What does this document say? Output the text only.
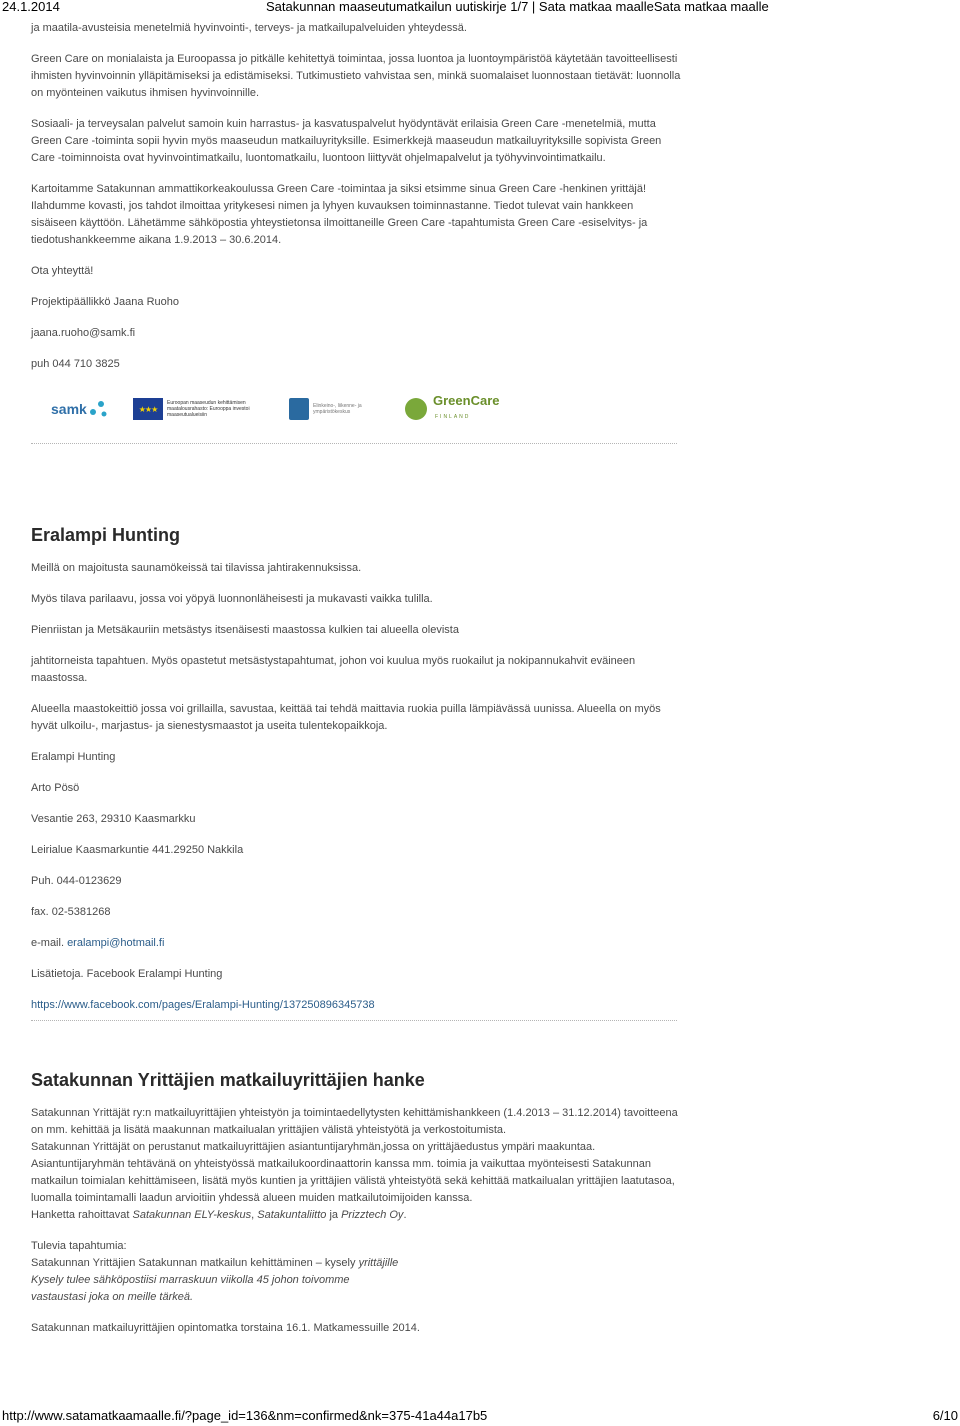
24.1.2014	Satakunnan maaseutumatkailun uutiskirje 1/7 | Sata matkaa maalleSata matkaa maalle

ja maatila-avusteisia menetelmiä hyvinvointi-, terveys- ja matkailupalveluiden yhteydessä.

Green Care on monialaista ja Euroopassa jo pitkälle kehitettyä toimintaa, jossa luontoa ja luontoympäristöä käytetään tavoitteellisesti ihmisten hyvinvoinnin ylläpitämiseksi ja edistämiseksi. Tutkimustieto vahvistaa sen, minkä suomalaiset luonnostaan tietävät: luonnolla on myönteinen vaikutus ihmisen hyvinvoinnille.

Sosiaali- ja terveysalan palvelut samoin kuin harrastus- ja kasvatuspalvelut hyödyntävät erilaisia Green Care -menetelmiä, mutta Green Care -toiminta sopii hyvin myös maaseudun matkailuyrityksille. Esimerkkejä maaseudun matkailuyrityksille sopivista Green Care -toiminnoista ovat hyvinvointimatkailu, luontomatkailu, luontoon liittyvät ohjelmapalvelut ja työhyvinvointimatkailu.

Kartoitamme Satakunnan ammattikorkeakoulussa Green Care -toimintaa ja siksi etsimme sinua Green Care -henkinen yrittäjä! Ilahdumme kovasti, jos tahdot ilmoittaa yritykesesi nimen ja lyhyen kuvauksen toiminnastanne. Tiedot tulevat vain hankkeen sisäiseen käyttöön. Lähetämme sähköpostia yhteystietonsa ilmoittaneille Green Care -tapahtumista Green Care -esiselvitys- ja tiedotushankkeemme aikana 1.9.2013 – 30.6.2014.

Ota yhteyttä!

Projektipäällikkö Jaana Ruoho

jaana.ruoho@samk.fi

puh 044 710 3825

samk	★★★
Euroopan maaseudun kehittämisen maatalousrahasto: Eurooppa investoi maaseutualueisiin
Elinkeino-, liikenne- ja ympäristökeskus
GreenCare
FINLAND
Eralampi Hunting

Meillä on majoitusta saunamökeissä tai tilavissa jahtirakennuksissa.

Myös tilava parilaavu, jossa voi yöpyä luonnonläheisesti ja mukavasti vaikka tulilla.

Pienriistan ja Metsäkauriin metsästys itsenäisesti maastossa kulkien tai alueella olevista

jahtitorneista tapahtuen. Myös opastetut metsästystapahtumat, johon voi kuulua myös ruokailut ja nokipannukahvit eväineen maastossa.

Alueella maastokeittiö jossa voi grillailla, savustaa, keittää tai tehdä maittavia ruokia puilla lämpiävässä uunissa. Alueella on myös hyvät ulkoilu-, marjastus- ja sienestysmaastot ja useita tulentekopaikkoja.

Eralampi Hunting

Arto Pösö

Vesantie 263, 29310 Kaasmarkku

Leirialue Kaasmarkuntie 441.29250 Nakkila

Puh. 044-0123629

fax. 02-5381268

e-mail. eralampi@hotmail.fi

Lisätietoja. Facebook Eralampi Hunting

https://www.facebook.com/pages/Eralampi-Hunting/137250896345738

Satakunnan Yrittäjien matkailuyrittäjien hanke

Satakunnan Yrittäjät ry:n matkailuyrittäjien yhteistyön ja toimintaedellytysten kehittämishankkeen (1.4.2013 – 31.12.2014) tavoitteena on mm. kehittää ja lisätä maakunnan matkailualan yrittäjien välistä yhteistyötä ja verkostoitumista.

Satakunnan Yrittäjät on perustanut matkailuyrittäjien asiantuntijaryhmän,jossa on yrittäjäedustus ympäri maakuntaa.

Asiantuntijaryhmän tehtävänä on yhteistyössä matkailukoordinaattorin kanssa mm. toimia ja vaikuttaa myönteisesti Satakunnan matkailun toimialan kehittämiseen, lisätä myös kuntien ja yrittäjien välistä yhteistyötä sekä kehittää matkailualan yrittäjien laatutasoa, luomalla toimintamalli laadun arvioitiin yhdessä alueen muiden matkailutoimijoiden kanssa.

Hanketta rahoittavat Satakunnan ELY-keskus, Satakuntaliitto ja Prizztech Oy.

Tulevia tapahtumia:

Satakunnan Yrittäjien Satakunnan matkailun kehittäminen – kysely yrittäjille

Kysely tulee sähköpostiisi marraskuun viikolla 45 johon toivomme

vastaustasi joka on meille tärkeä.

Satakunnan matkailuyrittäjien opintomatka torstaina 16.1. Matkamessuille 2014.

http://www.satamatkaamaalle.fi/?page_id=136&nm=confirmed&nk=375-41a44a17b5	6/10
